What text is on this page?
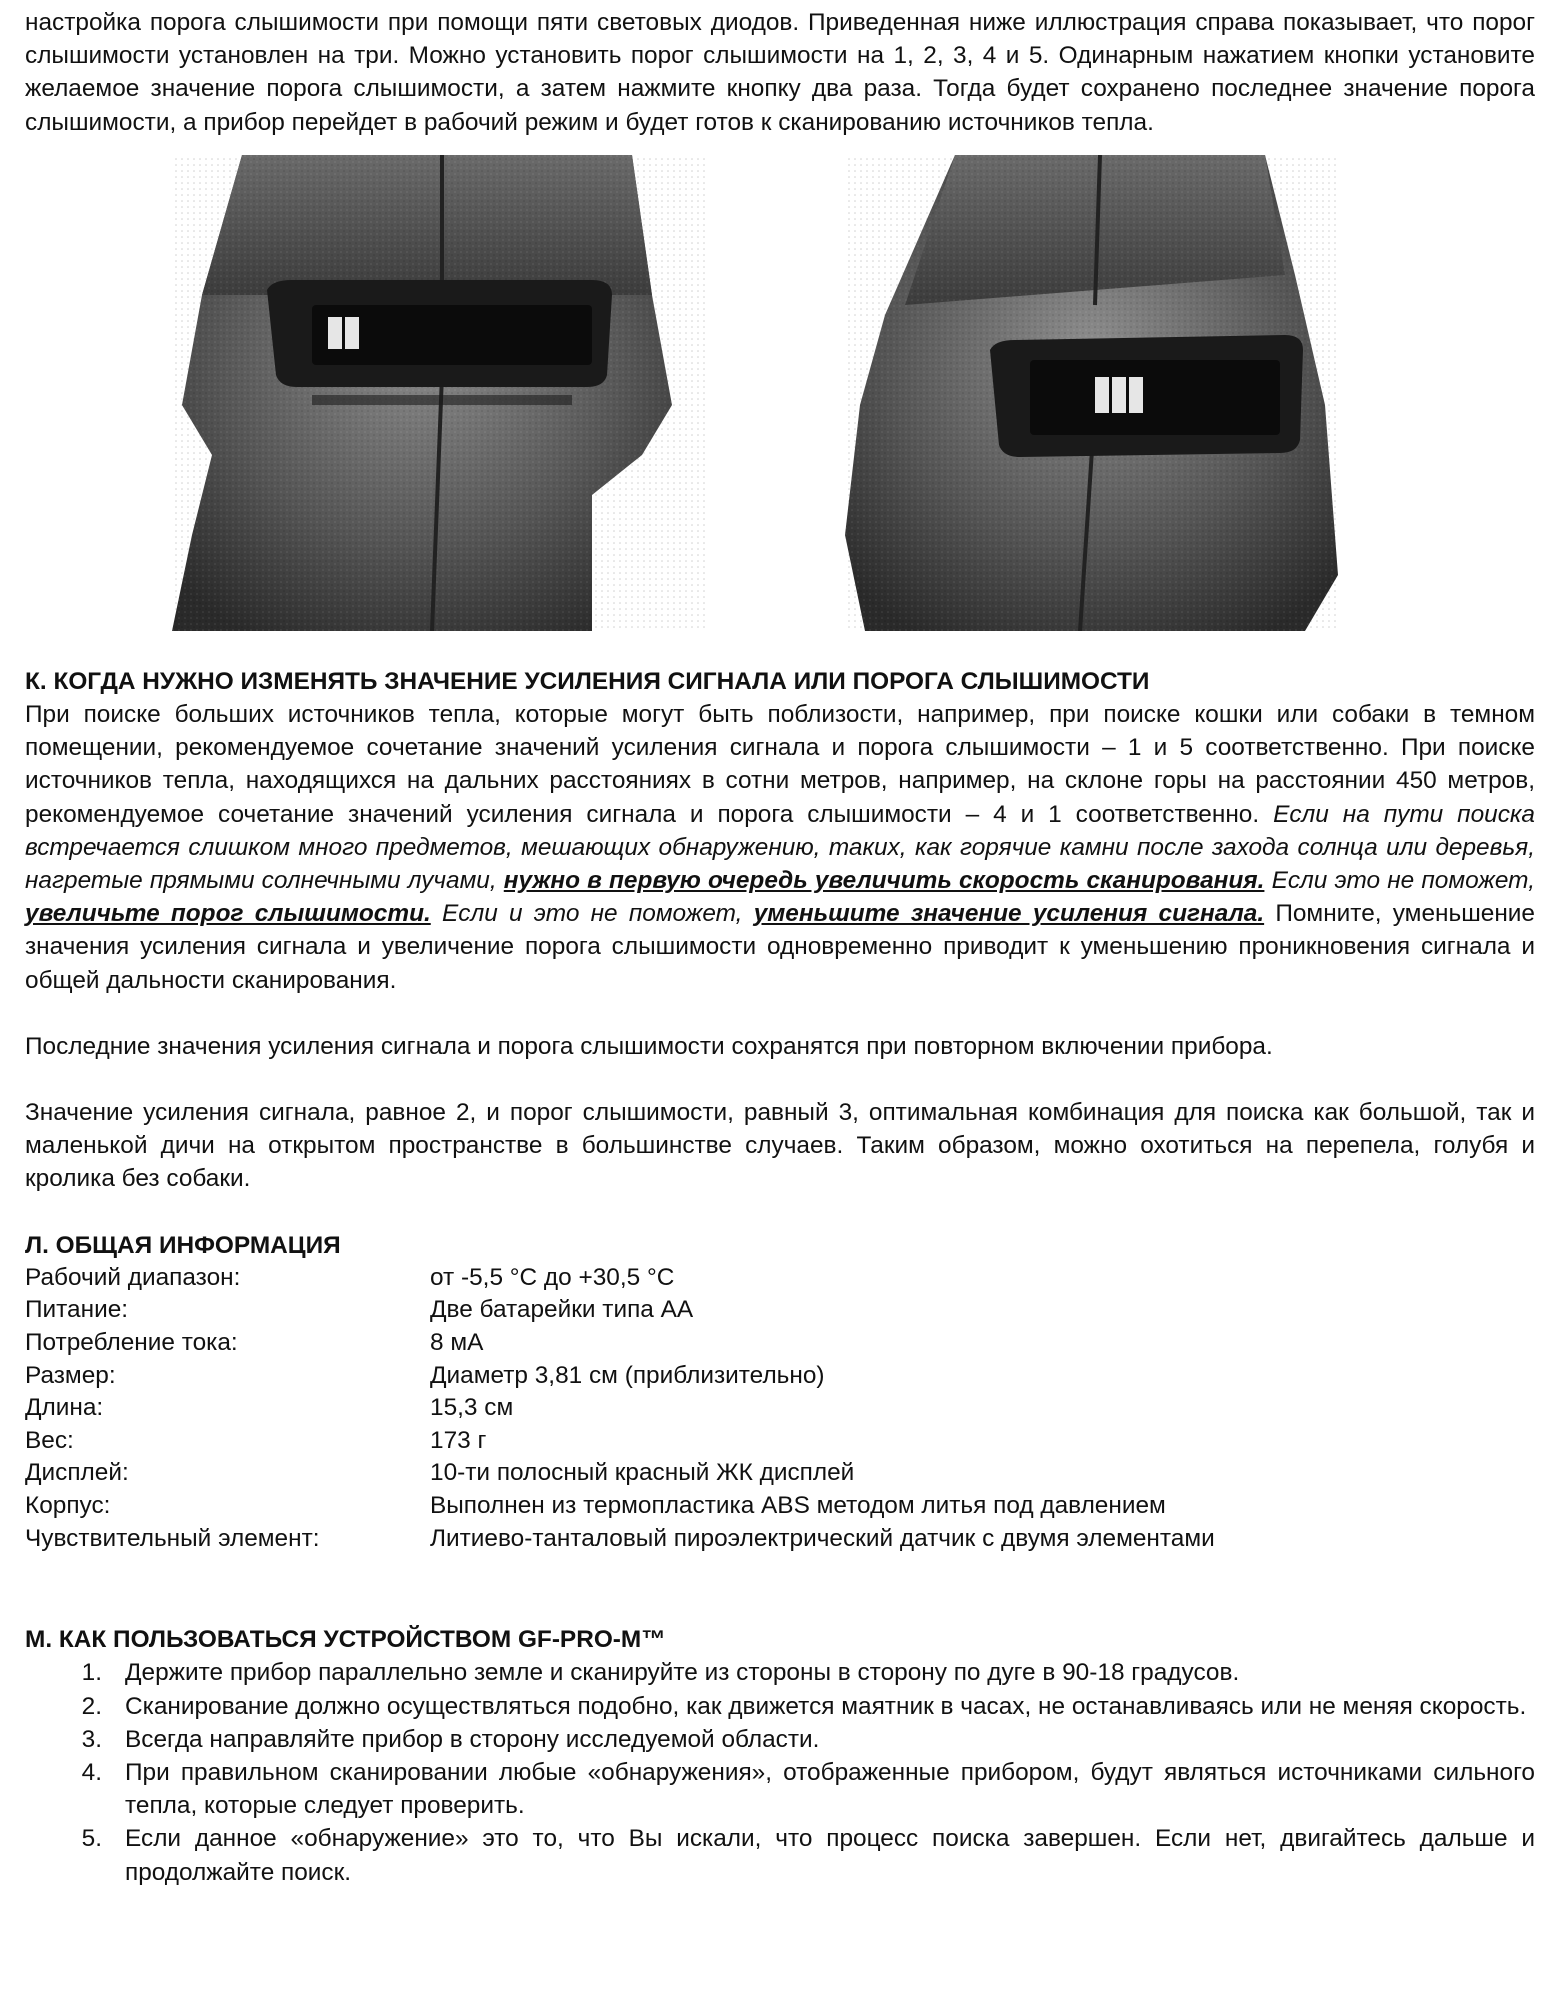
настройка порога слышимости при помощи пяти световых диодов. Приведенная ниже иллюстрация справа показывает, что порог слышимости установлен на три. Можно установить порог слышимости на 1, 2, 3, 4 и 5. Одинарным нажатием кнопки установите желаемое значение порога слышимости, а затем нажмите кнопку два раза. Тогда будет сохранено последнее значение порога слышимости, а прибор перейдет в рабочий режим и будет готов к сканированию источников тепла.

К. КОГДА НУЖНО ИЗМЕНЯТЬ ЗНАЧЕНИЕ УСИЛЕНИЯ СИГНАЛА ИЛИ ПОРОГА СЛЫШИМОСТИ

При поиске больших источников тепла, которые могут быть поблизости, например, при поиске кошки или собаки в темном помещении, рекомендуемое сочетание значений усиления сигнала и порога слышимости – 1 и 5 соответственно. При поиске источников тепла, находящихся на дальних расстояниях в сотни метров, например, на склоне горы на расстоянии 450 метров, рекомендуемое сочетание значений усиления сигнала и порога слышимости – 4 и 1 соответственно. Если на пути поиска встречается слишком много предметов, мешающих обнаружению, таких, как горячие камни после захода солнца или деревья, нагретые прямыми солнечными лучами, нужно в первую очередь увеличить скорость сканирования. Если это не поможет, увеличьте порог слышимости. Если и это не поможет, уменьшите значение усиления сигнала. Помните, уменьшение значения усиления сигнала и увеличение порога слышимости одновременно приводит к уменьшению проникновения сигнала и общей дальности сканирования.

Последние значения усиления сигнала и порога слышимости сохранятся при повторном включении прибора.

Значение усиления сигнала, равное 2, и порог слышимости, равный 3, оптимальная комбинация для поиска как большой, так и маленькой дичи на открытом пространстве в большинстве случаев. Таким образом, можно охотиться на перепела, голубя и кролика без собаки.

Л. ОБЩАЯ ИНФОРМАЦИЯ
Рабочий диапазон:	от -5,5 °С до +30,5 °С
Питание:	Две батарейки типа АА
Потребление тока:	8 мА
Размер:	Диаметр 3,81 см (приблизительно)
Длина:	15,3 см
Вес:	173 г
Дисплей:	10-ти полосный красный ЖК дисплей
Корпус:	Выполнен из термопластика ABS методом литья под давлением
Чувствительный элемент:	Литиево-танталовый пироэлектрический датчик с двумя элементами
М. КАК ПОЛЬЗОВАТЬСЯ УСТРОЙСТВОМ GF-PRO-M™
1. Держите прибор параллельно земле и сканируйте из стороны в сторону по дуге в 90-18 градусов.
2. Сканирование должно осуществляться подобно, как движется маятник в часах, не останавливаясь или не меняя скорость.
3. Всегда направляйте прибор в сторону исследуемой области.
4. При правильном сканировании любые «обнаружения», отображенные прибором, будут являться источниками сильного тепла, которые следует проверить.
5. Если данное «обнаружение» это то, что Вы искали, что процесс поиска завершен. Если нет, двигайтесь дальше и продолжайте поиск.
